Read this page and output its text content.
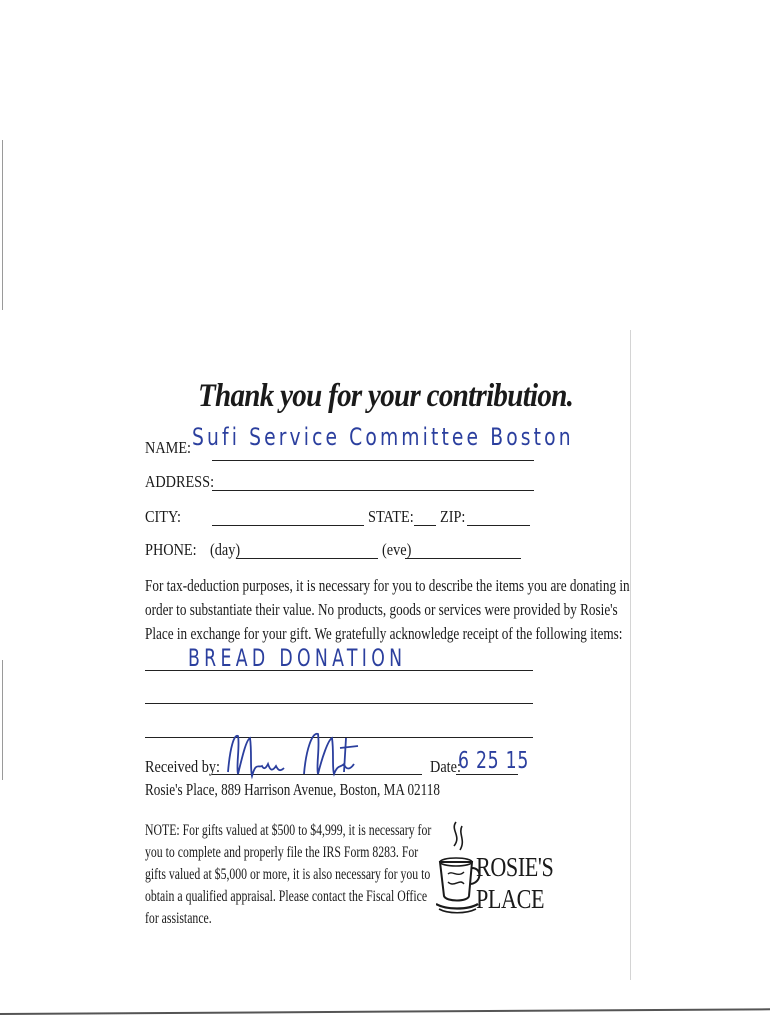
Thank you for your contribution.
NAME: Sufi Service Committee Boston
ADDRESS:
CITY:	STATE: ZIP:
PHONE: (day)	(eve)
For tax-deduction purposes, it is necessary for you to describe the items you are donating in
order to substantiate their value. No products, goods or services were provided by Rosie's
Place in exchange for your gift. We gratefully acknowledge receipt of the following items:
BREAD DONATION
Received by:	Date:
6 25 15
Rosie's Place, 889 Harrison Avenue, Boston, MA 02118
NOTE: For gifts valued at $500 to $4,999, it is necessary for
you to complete and properly file the IRS Form 8283. For
gifts valued at $5,000 or more, it is also necessary for you to
obtain a qualified appraisal. Please contact the Fiscal Office
for assistance.
ROSIE'S
PLACE
